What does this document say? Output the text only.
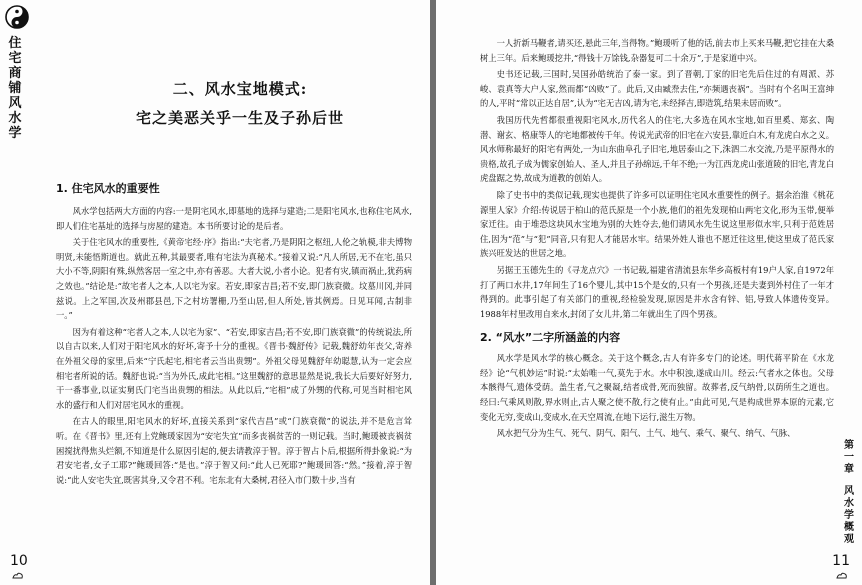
住宅商铺风水学
二、风水宝地模式:
宅之美恶关乎一生及子孙后世
1. 住宅风水的重要性

风水学包括两大方面的内容:一是阴宅风水,即墓地的选择与建造;二是阳宅风水,也称住宅风水,即人们住宅基址的选择与房屋的建造。本书所要讨论的是后者。

关于住宅风水的重要性,《黄帝宅经·序》指出:“夫宅者,乃是阴阳之枢纽,人伦之轨模,非夫博物明贤,未能悟斯道也。就此五种,其最要者,唯有宅法为真秘术。”接着又说:“凡人所居,无不在宅,虽只大小不等,阴阳有殊,纵然客居一室之中,亦有善恶。大者大说,小者小论。犯者有灾,镇而祸止,犹药病之效也。”结论是:“故宅者人之本,人以宅为家。若安,即家吉昌;若不安,即门族衰微。坟墓川冈,并同兹说。上之军国,次及州郡县邑,下之村坊署栅,乃至山居,但人所处,皆其例焉。日见耳闻,古制非一。”

因为有着这种“宅者人之本,人以宅为家”、“若安,即家吉昌;若不安,即门族衰微”的传统说法,所以自古以来,人们对于阳宅风水的好坏,寄予十分的重视。《晋书·魏舒传》记载,魏舒幼年丧父,寄养在外祖父母的家里,后来“宁氏起宅,相宅者云当出贵甥”。外祖父母见魏舒年幼聪慧,认为一定会应相宅者所说的话。魏舒也说:“当为外氏,成此宅相。”这里魏舒的意思显然是说,我长大后要好好努力,干一番事业,以证实舅氏门宅当出贵甥的相法。从此以后,“宅相”成了外甥的代称,可见当时相宅风水的盛行和人们对居宅风水的重视。

在古人的眼里,阳宅风水的好坏,直接关系到“家代吉昌”或“门族衰微”的说法,并不是危言耸听。在《晋书》里,还有上党鲍瑗家因为“安宅失宜”而多丧祸贫苦的一则记载。当时,鲍瑗被丧祸贫困搅扰得焦头烂额,不知道是什么原因引起的,便去请教淳于智。淳于智占卜后,根据所得卦象说:“为君安宅者,女子工耶?”鲍瑗回答:“是也。”淳于智又问:“此人已死耶?”鲍瑗回答:“然。”接着,淳于智说:“此人安宅失宜,既害其身,又令君不利。宅东北有大桑树,君径入市门数十步,当有

10

一人折新马鞭者,请买还,悬此三年,当得物。”鲍瑗听了他的话,前去市上买来马鞭,把它挂在大桑树上三年。后来鲍瑗挖井,“得钱十万馀钱,杂器复可二十余万”,于是家道中兴。

史书还记载,三国时,吴国孙皓统治了泰一家。到了晋朝,丁家的旧宅先后住过的有周派、苏峻、袁真等大户人家,然而都“凶败”了。此后,又由臧焘去住,“亦频遇丧祸”。当时有个名叫王富绅的人,平时“常以正达自居”,认为“宅无吉凶,请为宅,未经择吉,即造筑,结果未居而败”。

我国历代先哲都很重视阳宅风水,历代名人的住宅,大多选在风水宝地,如百里奚、郑玄、陶潜、谢玄、格康等人的宅地都被传千年。传说光武帝的旧宅在六安县,靠近白木,有龙虎白水之义。风水师称最好的阳宅有两处,一为山东曲阜孔子旧宅,地居泰山之下,洙泗二水交流,乃是平原得水的贵格,故孔子成为儒家创始人、圣人,并且子孙绵远,千年不绝;一为江西龙虎山张道陵的旧宅,青龙白虎盘踞之势,故成为道教的创始人。

除了史书中的类似记载,现实也提供了许多可以证明住宅风水重要性的例子。据余治淮《桃花源里人家》介绍:传说居于柏山的范氏原是一个小族,他们的祖先发现柏山两宅文化,形为玉带,便举家迁往。由于堆恐这块风水宝地为别的大姓夺去,他们请风水先生说这里形似水牢,只利于范姓居住,因为“范”与“犯”同音,只有犯人才能居水牢。结果外姓人谁也不愿迁往这里,使这里成了范氏家族兴旺发达的世居之地。

另据王玉德先生的《寻龙点穴》一书记载,福建省清流县东华乡高板村有19户人家,自1972年打了两口水井,17年间生了16个婴儿,其中15个是女的,只有一个男孩,还是夫妻到外村住了一年才得到的。此事引起了有关部门的重视,经检验发现,原因是井水含有锌、铝,导致人体遗传变异。1988年村里改用自来水,封闭了女儿井,第二年就出生了四个男孩。

2. “风水”二字所涵盖的内容

风水学是风水学的核心概念。关于这个概念,古人有许多专门的论述。明代蒋平阶在《水龙经》论“气机妙运”时说:“太始唯一气,莫先于水。水中积浊,遂成山川。经云:气者水之体也。父母本骸得气,遗体受荫。盖生者,气之聚凝,结者成骨,死而独留。故葬者,反气纳骨,以荫所生之道也。经曰:气乘风则散,界水则止,古人聚之使不散,行之使有止。”由此可见,气是构成世界本原的元素,它变化无穷,变成山,变成水,在天空周流,在地下运行,滋生万物。

风水把气分为生气、死气、阴气、阳气、土气、地气、乘气、聚气、纳气、气脉、

第
一
章
风
水
学
概
观
11
